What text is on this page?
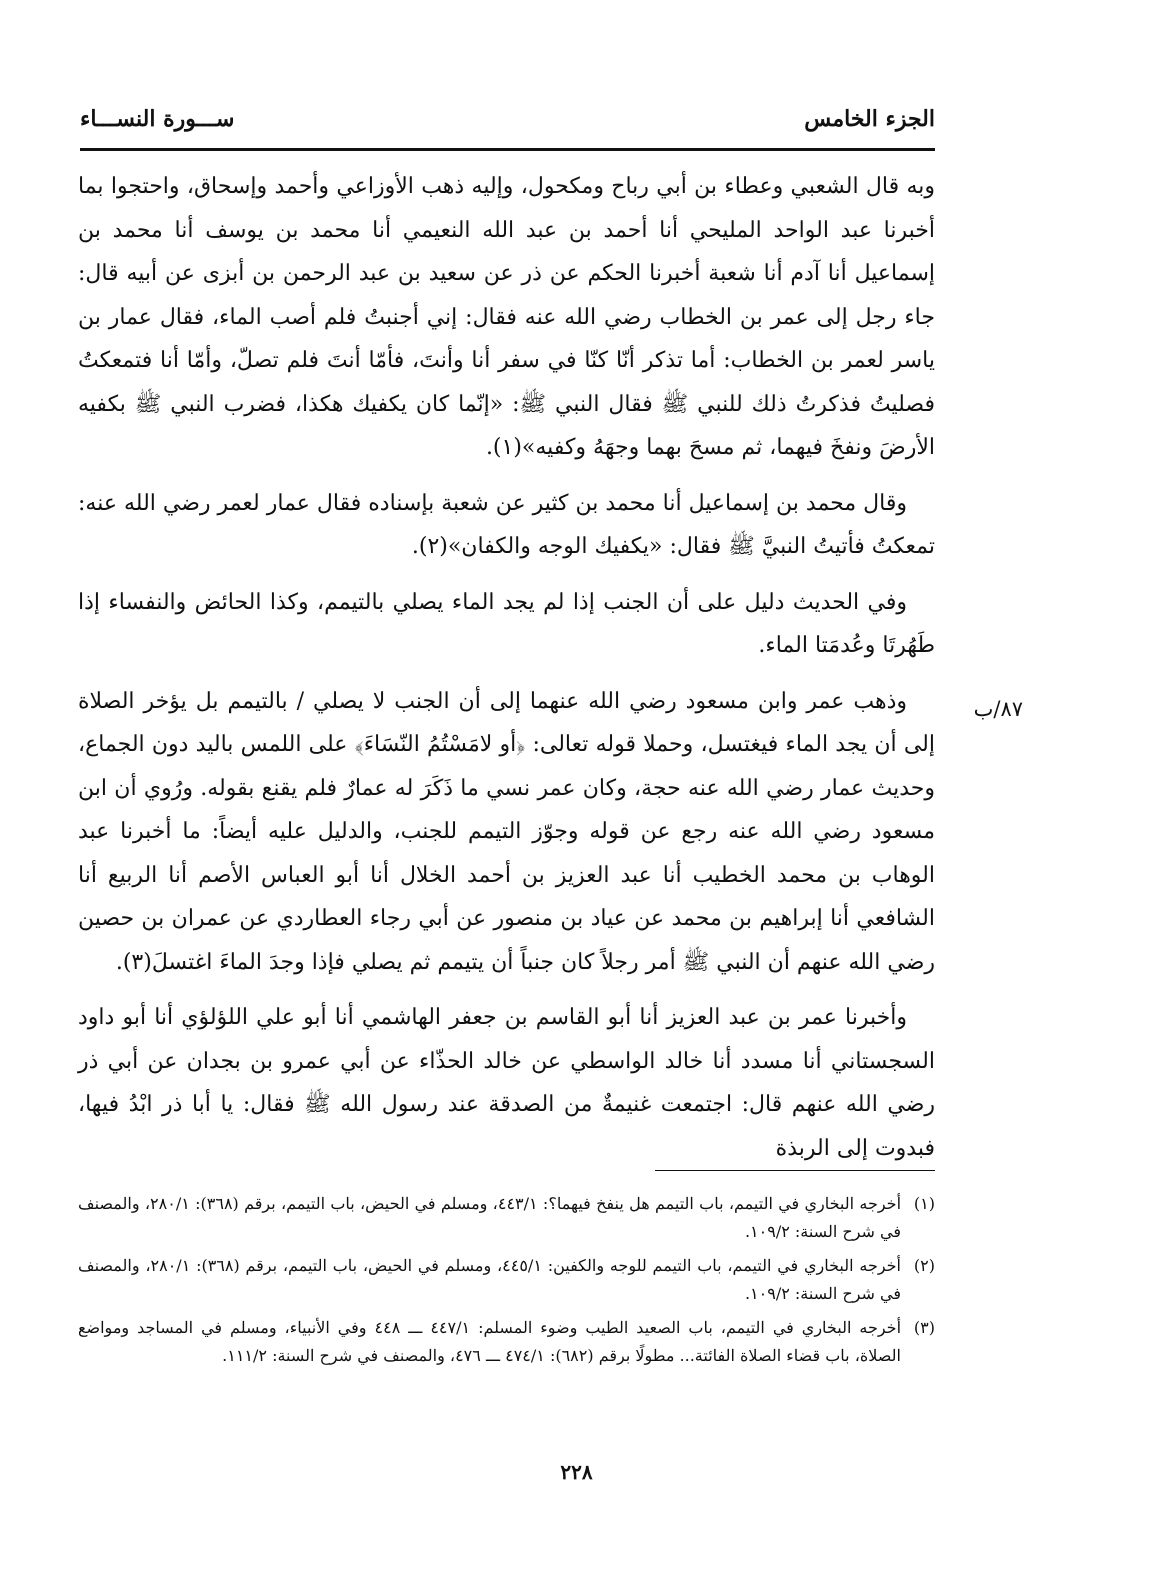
الجزء الخامس
ســـورة النســـاء

وبه قال الشعبي وعطاء بن أبي رباح ومكحول، وإليه ذهب الأوزاعي وأحمد وإسحاق، واحتجوا بما أخبرنا عبد الواحد المليحي أنا أحمد بن عبد الله النعيمي أنا محمد بن يوسف أنا محمد بن إسماعيل أنا آدم أنا شعبة أخبرنا الحكم عن ذر عن سعيد بن عبد الرحمن بن أبزى عن أبيه قال: جاء رجل إلى عمر بن الخطاب رضي الله عنه فقال: إني أجنبتُ فلم أصب الماء، فقال عمار بن ياسر لعمر بن الخطاب: أما تذكر أنّا كنّا في سفر أنا وأنتَ، فأمّا أنتَ فلم تصلّ، وأمّا أنا فتمعكتُ فصليتُ فذكرتُ ذلك للنبي ﷺ فقال النبي ﷺ: «إنّما كان يكفيك هكذا، فضرب النبي ﷺ بكفيه الأرضَ ونفخَ فيهما، ثم مسحَ بهما وجهَهُ وكفيه»(١).

وقال محمد بن إسماعيل أنا محمد بن كثير عن شعبة بإسناده فقال عمار لعمر رضي الله عنه: تمعكتُ فأتيتُ النبيَّ ﷺ فقال: «يكفيك الوجه والكفان»(٢).

وفي الحديث دليل على أن الجنب إذا لم يجد الماء يصلي بالتيمم، وكذا الحائض والنفساء إذا طَهُرتَا وعُدمَتا الماء.

وذهب عمر وابن مسعود رضي الله عنهما إلى أن الجنب لا يصلي / بالتيمم بل يؤخر الصلاة إلى أن يجد الماء فيغتسل، وحملا قوله تعالى: ﴿أو لامَسْتُمُ النّسَاءَ﴾ على اللمس باليد دون الجماع، وحديث عمار رضي الله عنه حجة، وكان عمر نسي ما ذَكَرَ له عمارٌ فلم يقنع بقوله. ورُوي أن ابن مسعود رضي الله عنه رجع عن قوله وجوّز التيمم للجنب، والدليل عليه أيضاً: ما أخبرنا عبد الوهاب بن محمد الخطيب أنا عبد العزيز بن أحمد الخلال أنا أبو العباس الأصم أنا الربيع أنا الشافعي أنا إبراهيم بن محمد عن عياد بن منصور عن أبي رجاء العطاردي عن عمران بن حصين رضي الله عنهم أن النبي ﷺ أمر رجلاً كان جنباً أن يتيمم ثم يصلي فإذا وجدَ الماءَ اغتسلَ(٣).

وأخبرنا عمر بن عبد العزيز أنا أبو القاسم بن جعفر الهاشمي أنا أبو علي اللؤلؤي أنا أبو داود السجستاني أنا مسدد أنا خالد الواسطي عن خالد الحذّاء عن أبي عمرو بن بجدان عن أبي ذر رضي الله عنهم قال: اجتمعت غنيمةٌ من الصدقة عند رسول الله ﷺ فقال: يا أبا ذر ابْدُ فيها، فبدوت إلى الربذة

٨٧/ب
(١)
أخرجه البخاري في التيمم، باب التيمم هل ينفخ فيهما؟: ٤٤٣/١، ومسلم في الحيض، باب التيمم، برقم (٣٦٨): ٢٨٠/١، والمصنف في شرح السنة: ١٠٩/٢.
(٢)
أخرجه البخاري في التيمم، باب التيمم للوجه والكفين: ٤٤٥/١، ومسلم في الحيض، باب التيمم، برقم (٣٦٨): ٢٨٠/١، والمصنف في شرح السنة: ١٠٩/٢.
(٣)
أخرجه البخاري في التيمم، باب الصعيد الطيب وضوء المسلم: ٤٤٧/١ ـــ ٤٤٨ وفي الأنبياء، ومسلم في المساجد ومواضع الصلاة، باب قضاء الصلاة الفائتة... مطولًا برقم (٦٨٢): ٤٧٤/١ ـــ ٤٧٦، والمصنف في شرح السنة: ١١١/٢.
٢٢٨
